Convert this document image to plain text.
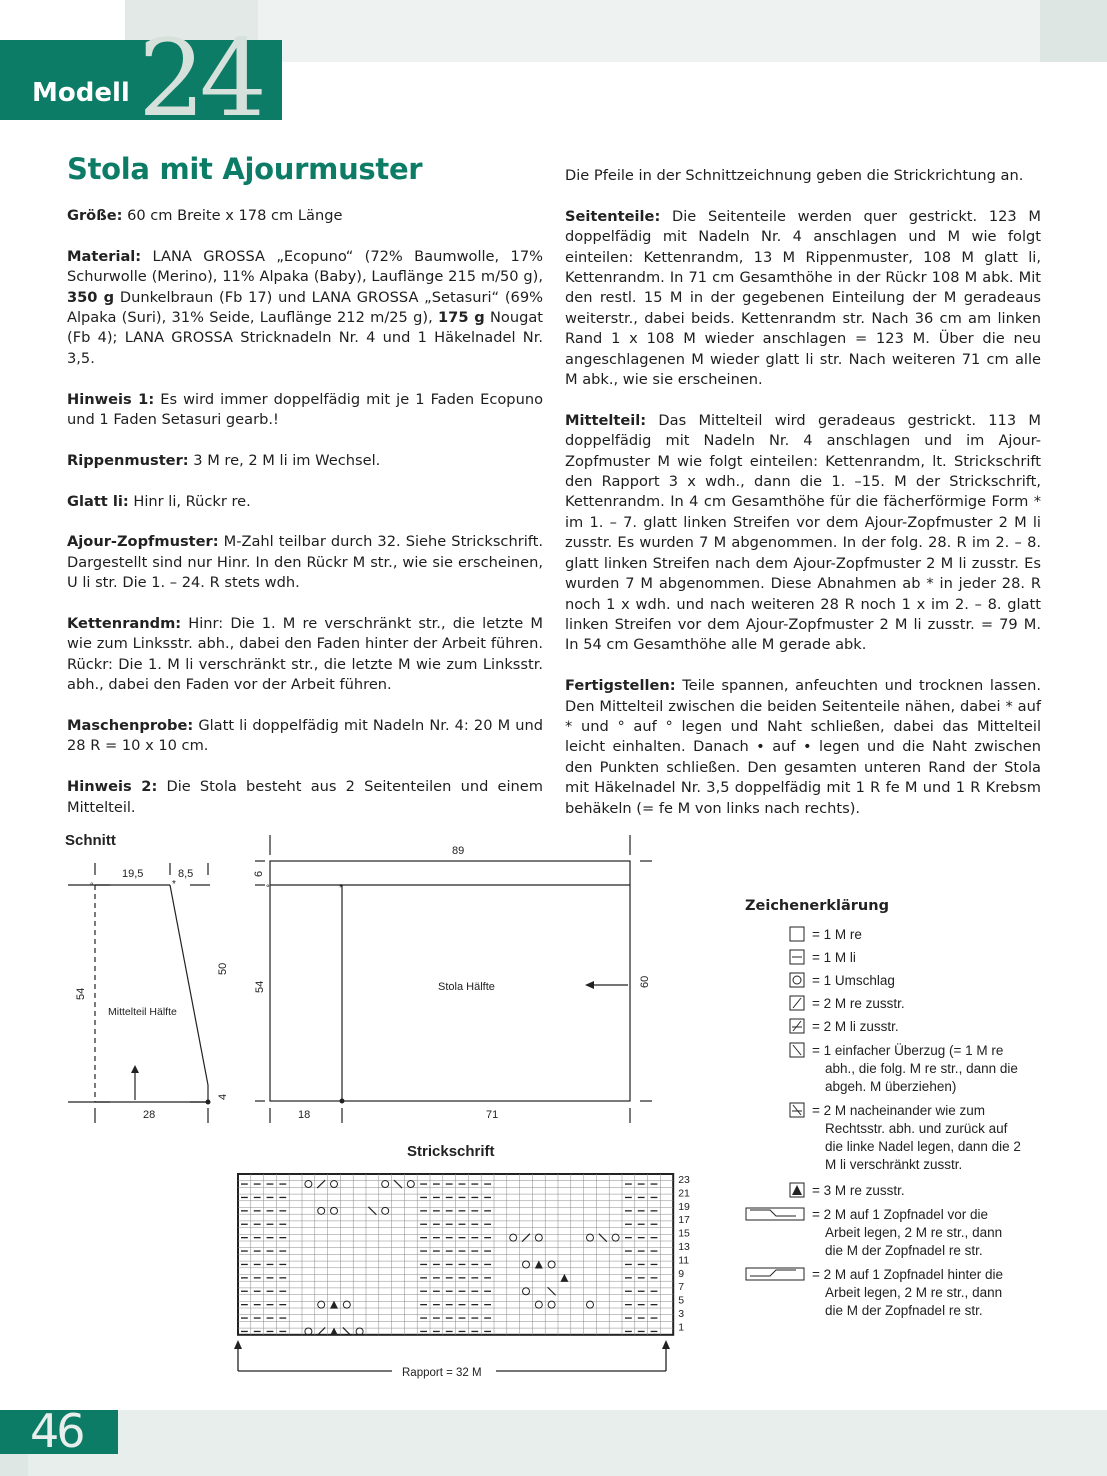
Modell 24
Stola mit Ajourmuster

Größe: 60 cm Breite x 178 cm Länge

Material: LANA GROSSA „Ecopuno“ (72% Baumwolle, 17% Schurwolle (Merino), 11% Alpaka (Baby), Lauflänge 215 m/50 g), 350 g Dunkelbraun (Fb 17) und LANA GROSSA „Setasuri“ (69% Alpaka (Suri), 31% Seide, Lauflänge 212 m/25 g), 175 g Nougat (Fb 4); LANA GROSSA Stricknadeln Nr. 4 und 1 Häkelnadel Nr. 3,5.

Hinweis 1: Es wird immer doppelfädig mit je 1 Faden Ecopuno und 1 Faden Setasuri gearb.!

Rippenmuster: 3 M re, 2 M li im Wechsel.

Glatt li: Hinr li, Rückr re.

Ajour-Zopfmuster: M-Zahl teilbar durch 32. Siehe Strickschrift. Dargestellt sind nur Hinr. In den Rückr M str., wie sie erscheinen, U li str. Die 1. – 24. R stets wdh.

Kettenrandm: Hinr: Die 1. M re verschränkt str., die letzte M wie zum Linksstr. abh., dabei den Faden hinter der Arbeit führen. Rückr: Die 1. M li verschränkt str., die letzte M wie zum Linksstr. abh., dabei den Faden vor der Arbeit führen.

Maschenprobe: Glatt li doppelfädig mit Nadeln Nr. 4: 20 M und 28 R = 10 x 10 cm.

Hinweis 2: Die Stola besteht aus 2 Seitenteilen und einem Mittelteil.

Die Pfeile in der Schnittzeichnung geben die Strickrichtung an.

Seitenteile: Die Seitenteile werden quer gestrickt. 123 M doppelfädig mit Nadeln Nr. 4 anschlagen und M wie folgt einteilen: Kettenrandm, 13 M Rippenmuster, 108 M glatt li, Kettenrandm. In 71 cm Gesamthöhe in der Rückr 108 M abk. Mit den restl. 15 M in der gegebenen Einteilung der M geradeaus weiterstr., dabei beids. Kettenrandm str. Nach 36 cm am linken Rand 1 x 108 M wieder anschlagen = 123 M. Über die neu angeschlagenen M wieder glatt li str. Nach weiteren 71 cm alle M abk., wie sie erscheinen.

Mittelteil: Das Mittelteil wird geradeaus gestrickt. 113 M doppelfädig mit Nadeln Nr. 4 anschlagen und im Ajour-Zopfmuster M wie folgt einteilen: Kettenrandm, lt. Strickschrift den Rapport 3 x wdh., dann die 1. –15. M der Strickschrift, Kettenrandm. In 4 cm Gesamthöhe für die fächerförmige Form * im 1. – 7. glatt linken Streifen vor dem Ajour-Zopfmuster 2 M li zusstr. Es wurden 7 M abgenommen. In der folg. 28. R im 2. – 8. glatt linken Streifen nach dem Ajour-Zopfmuster 2 M li zusstr. Es wurden 7 M abgenommen. Diese Abnahmen ab * in jeder 28. R noch 1 x wdh. und nach weiteren 28 R noch 1 x im 2. – 8. glatt linken Streifen vor dem Ajour-Zopfmuster 2 M li zusstr. = 79 M. In 54 cm Gesamthöhe alle M gerade abk.

Fertigstellen: Teile spannen, anfeuchten und trocknen lassen. Den Mittelteil zwischen die beiden Seitenteile nähen, dabei * auf * und ° auf ° legen und Naht schließen, dabei das Mittelteil leicht einhalten. Danach • auf • legen und die Naht zwischen den Punkten schließen. Den gesamten unteren Rand der Stola mit Häkelnadel Nr. 3,5 doppelfädig mit 1 R fe M und 1 R Krebsm behäkeln (= fe M von links nach rechts).

Schnitt
*
°
19,5	8,5
54
50
4
28
Mittelteil Hälfte
*
°
89
6
54	60
18	71
Stola Hälfte
Strickschrift
23
21
19
17
15
13
11
9
7
5
3
1
Rapport = 32 M
Zeichenerklärung
= 1 M re
= 1 M li
= 1 Umschlag
= 2 M re zusstr.
= 2 M li zusstr.
= 1 einfacher Überzug (= 1 M re
abh., die folg. M re str., dann die
abgeh. M überziehen)
= 2 M nacheinander wie zum
Rechtsstr. abh. und zurück auf
die linke Nadel legen, dann die 2
M li verschränkt zusstr.
= 3 M re zusstr.
= 2 M auf 1 Zopfnadel vor die
Arbeit legen, 2 M re str., dann
die M der Zopfnadel re str.
= 2 M auf 1 Zopfnadel hinter die
Arbeit legen, 2 M re str., dann
die M der Zopfnadel re str.
46
